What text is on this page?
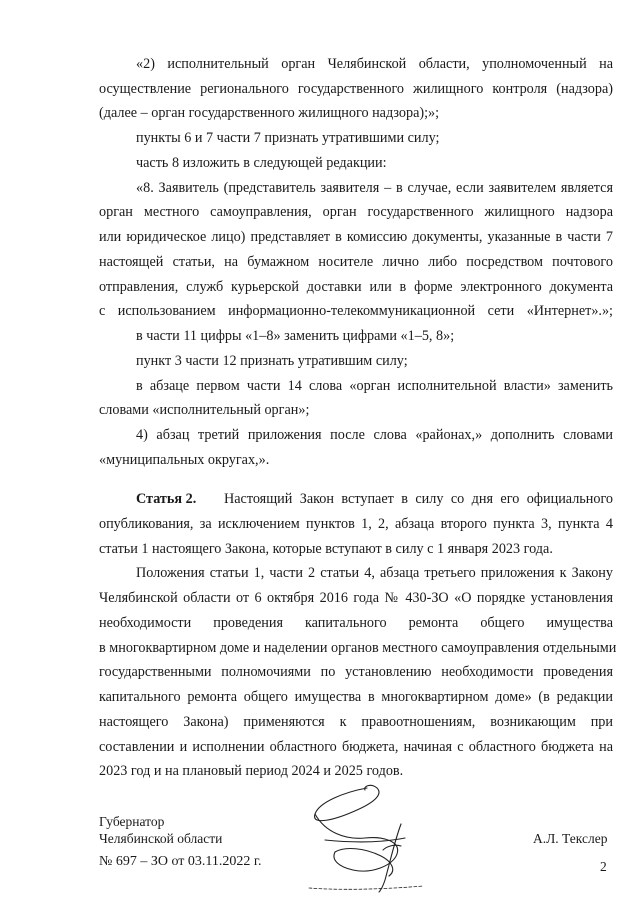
«2) исполнительный орган Челябинской области, уполномоченный на
осуществление регионального государственного жилищного контроля (надзора)
(далее – орган государственного жилищного надзора);»;
пункты 6 и 7 части 7 признать утратившими силу;
часть 8 изложить в следующей редакции:
«8. Заявитель (представитель заявителя – в случае, если заявителем является
орган местного самоуправления, орган государственного жилищного надзора
или юридическое лицо) представляет в комиссию документы, указанные в части 7
настоящей статьи, на бумажном носителе лично либо посредством почтового
отправления, служб курьерской доставки или в форме электронного документа
с использованием информационно-телекоммуникационной сети «Интернет».»;
в части 11 цифры «1–8» заменить цифрами «1–5, 8»;
пункт 3 части 12 признать утратившим силу;
в абзаце первом части 14 слова «орган исполнительной власти» заменить
словами «исполнительный орган»;
4) абзац третий приложения после слова «районах,» дополнить словами
«муниципальных округах,».
Статья 2. Настоящий Закон вступает в силу со дня его официального
опубликования, за исключением пунктов 1, 2, абзаца второго пункта 3, пункта 4
статьи 1 настоящего Закона, которые вступают в силу с 1 января 2023 года.
Положения статьи 1, части 2 статьи 4, абзаца третьего приложения к Закону
Челябинской области от 6 октября 2016 года № 430-ЗО «О порядке установления
необходимости проведения капитального ремонта общего имущества
в многоквартирном доме и наделении органов местного самоуправления отдельными
государственными полномочиями по установлению необходимости проведения
капитального ремонта общего имущества в многоквартирном доме» (в редакции
настоящего Закона) применяются к правоотношениям, возникающим при
составлении и исполнении областного бюджета, начиная с областного бюджета на
2023 год и на плановый период 2024 и 2025 годов.
Губернатор
Челябинской области	А.Л. Текслер
№ 697 – ЗО от 03.11.2022 г.	2
